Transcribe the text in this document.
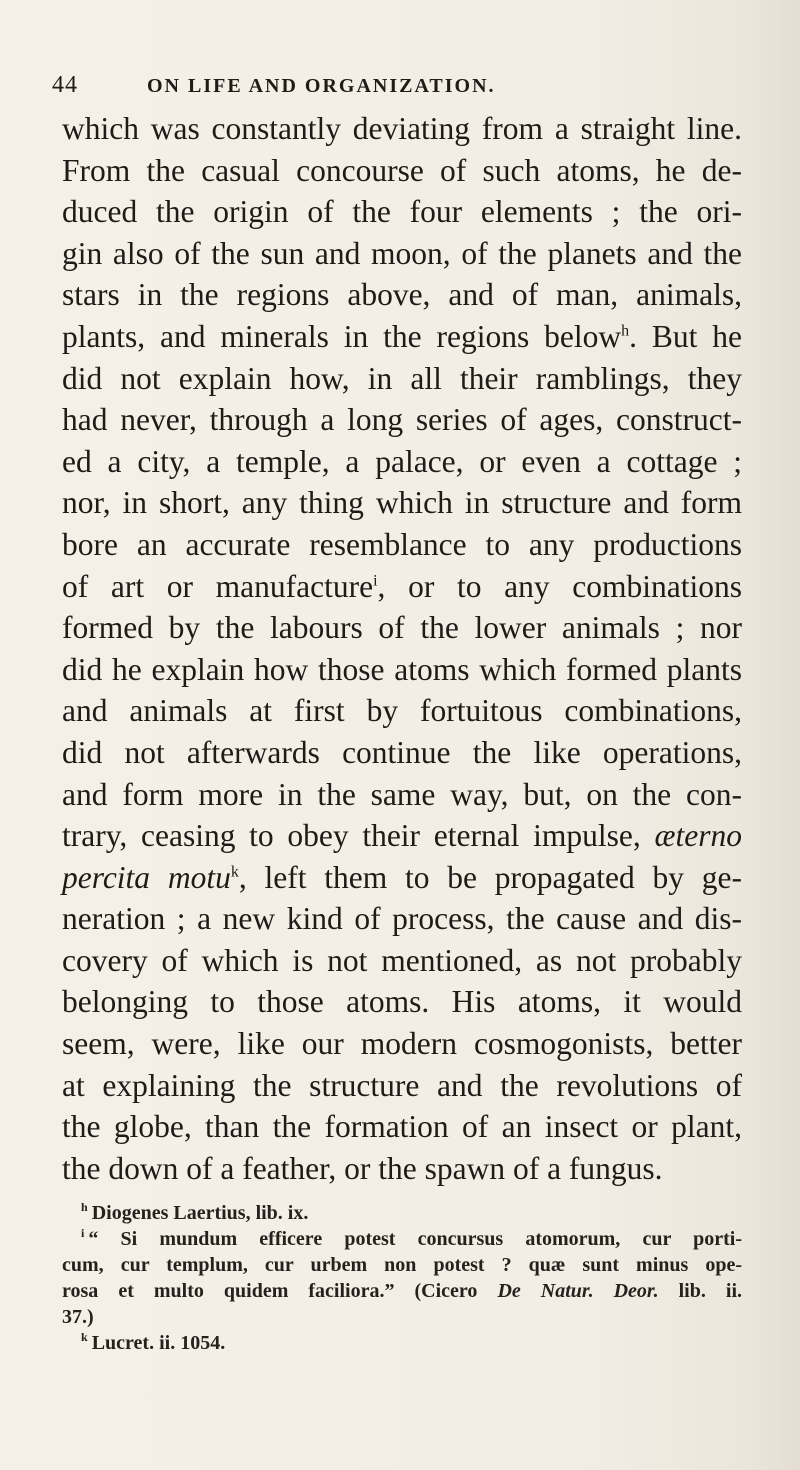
44	ON LIFE AND ORGANIZATION.
which was constantly deviating from a straight line.
From the casual concourse of such atoms, he de-
duced the origin of the four elements ; the ori-
gin also of the sun and moon, of the planets and the
stars in the regions above, and of man, animals,
plants, and minerals in the regions below$^h$. But he
did not explain how, in all their ramblings, they
had never, through a long series of ages, construct-
ed a city, a temple, a palace, or even a cottage ;
nor, in short, any thing which in structure and form
bore an accurate resemblance to any productions
of art or manufacture$^i$, or to any combinations
formed by the labours of the lower animals ; nor
did he explain how those atoms which formed plants
and animals at first by fortuitous combinations,
did not afterwards continue the like operations,
and form more in the same way, but, on the con-
trary, ceasing to obey their eternal impulse, æterno
percita motu$^k$, left them to be propagated by ge-
neration ; a new kind of process, the cause and dis-
covery of which is not mentioned, as not probably
belonging to those atoms. His atoms, it would
seem, were, like our modern cosmogonists, better
at explaining the structure and the revolutions of
the globe, than the formation of an insect or plant,
the down of a feather, or the spawn of a fungus.

$^h$ Diogenes Laertius, lib. ix.

$^i$ “ Si mundum efficere potest concursus atomorum, cur porti-
cum, cur templum, cur urbem non potest ? quæ sunt minus ope-
rosa et multo quidem faciliora.” (Cicero De Natur. Deor. lib. ii.
37.)

$^k$ Lucret. ii. 1054.
